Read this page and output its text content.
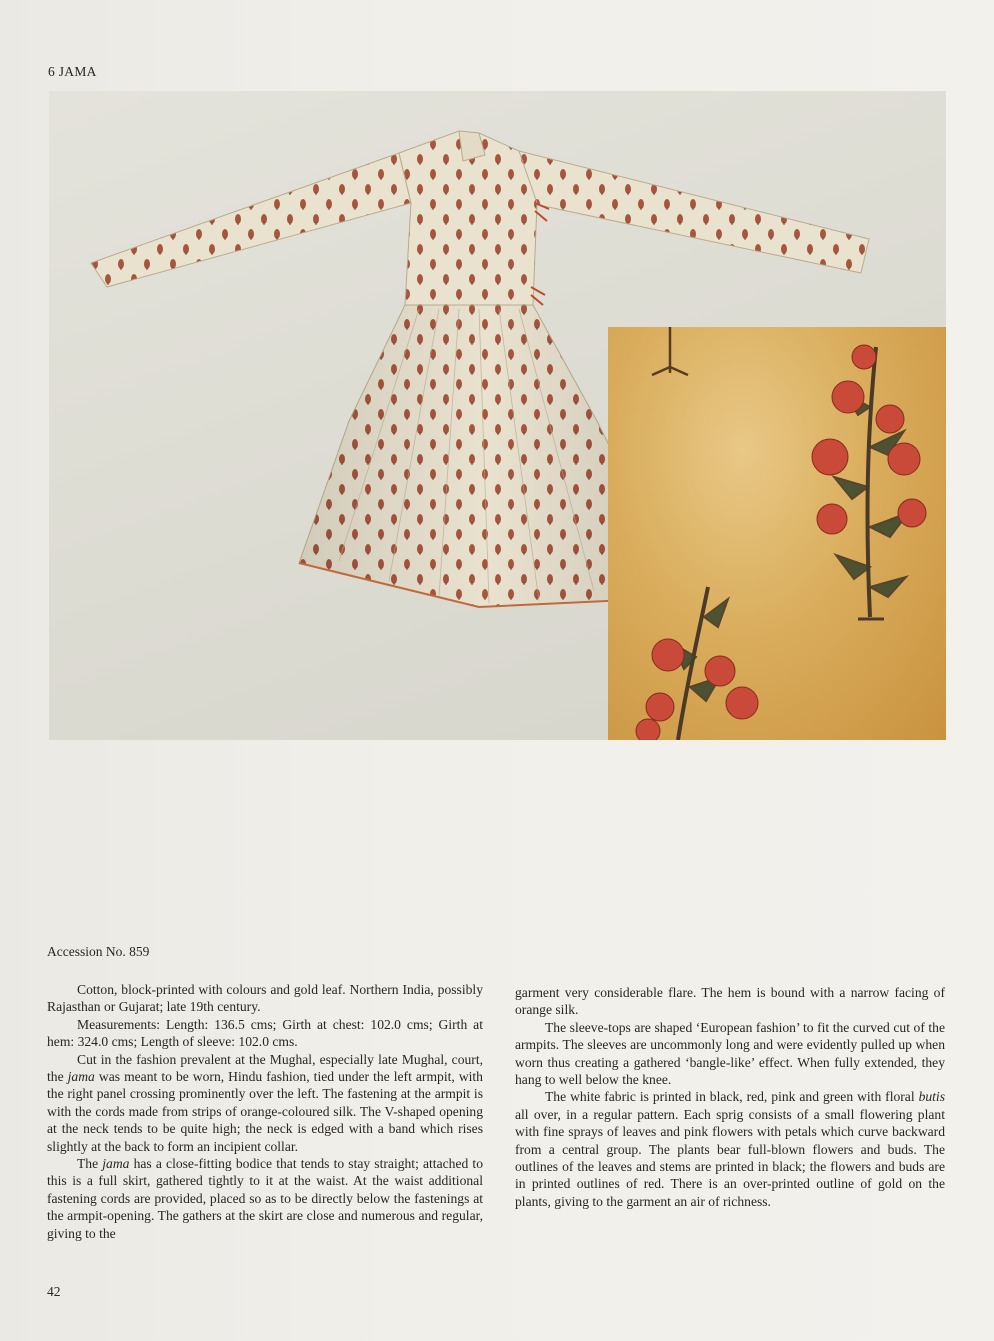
6 JAMA
Accession No. 859

Cotton, block-printed with colours and gold leaf. Northern India, possibly Rajasthan or Gujarat; late 19th century.

Measurements: Length: 136.5 cms; Girth at chest: 102.0 cms; Girth at hem: 324.0 cms; Length of sleeve: 102.0 cms.

Cut in the fashion prevalent at the Mughal, especially late Mughal, court, the jama was meant to be worn, Hindu fashion, tied under the left armpit, with the right panel crossing prominently over the left. The fastening at the armpit is with the cords made from strips of orange-coloured silk. The V-shaped opening at the neck tends to be quite high; the neck is edged with a band which rises slightly at the back to form an incipient collar.

The jama has a close-fitting bodice that tends to stay straight; attached to this is a full skirt, gathered tightly to it at the waist. At the waist additional fastening cords are provided, placed so as to be directly below the fastenings at the armpit-opening. The gathers at the skirt are close and numerous and regular, giving to the

garment very considerable flare. The hem is bound with a narrow facing of orange silk.

The sleeve-tops are shaped ‘European fashion’ to fit the curved cut of the armpits. The sleeves are uncommonly long and were evidently pulled up when worn thus creating a gathered ‘bangle-like’ effect. When fully extended, they hang to well below the knee.

The white fabric is printed in black, red, pink and green with floral butis all over, in a regular pattern. Each sprig consists of a small flowering plant with fine sprays of leaves and pink flowers with petals which curve backward from a central group. The plants bear full-blown flowers and buds. The outlines of the leaves and stems are printed in black; the flowers and buds are in printed outlines of red. There is an over-printed outline of gold on the plants, giving to the garment an air of richness.

42
